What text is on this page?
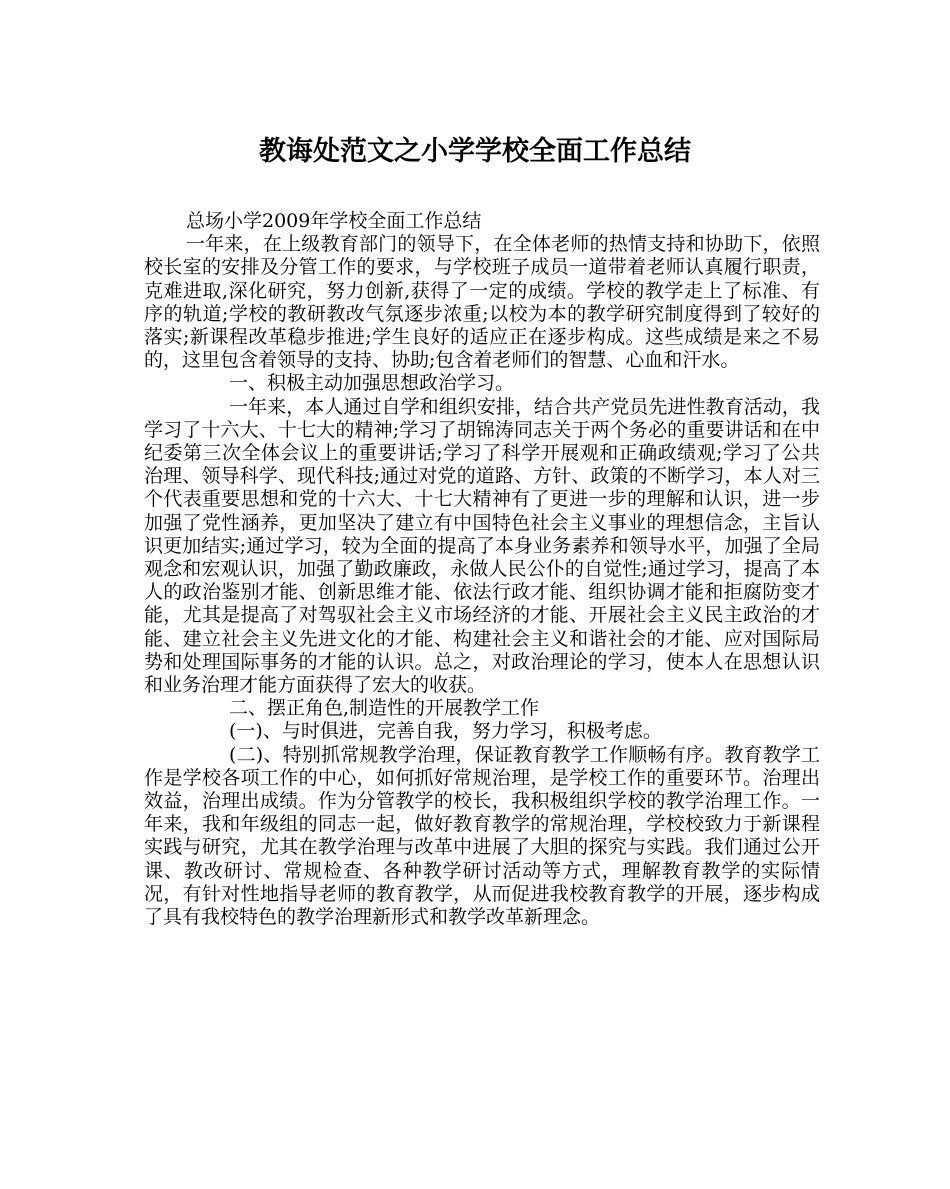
教诲处范文之小学学校全面工作总结

总场小学2009年学校全面工作总结

一年来，在上级教育部门的领导下，在全体老师的热情支持和协助下，依照校长室的安排及分管工作的要求，与学校班子成员一道带着老师认真履行职责，克难进取,深化研究，努力创新,获得了一定的成绩。学校的教学走上了标准、有序的轨道;学校的教研教改气氛逐步浓重;以校为本的教学研究制度得到了较好的落实;新课程改革稳步推进;学生良好的适应正在逐步构成。这些成绩是来之不易的，这里包含着领导的支持、协助;包含着老师们的智慧、心血和汗水。

一、积极主动加强思想政治学习。

一年来，本人通过自学和组织安排，结合共产党员先进性教育活动，我学习了十六大、十七大的精神;学习了胡锦涛同志关于两个务必的重要讲话和在中纪委第三次全体会议上的重要讲话;学习了科学开展观和正确政绩观;学习了公共治理、领导科学、现代科技;通过对党的道路、方针、政策的不断学习，本人对三个代表重要思想和党的十六大、十七大精神有了更进一步的理解和认识，进一步加强了党性涵养，更加坚决了建立有中国特色社会主义事业的理想信念，主旨认识更加结实;通过学习，较为全面的提高了本身业务素养和领导水平，加强了全局观念和宏观认识，加强了勤政廉政，永做人民公仆的自觉性;通过学习，提高了本人的政治鉴别才能、创新思维才能、依法行政才能、组织协调才能和拒腐防变才能，尤其是提高了对驾驭社会主义市场经济的才能、开展社会主义民主政治的才能、建立社会主义先进文化的才能、构建社会主义和谐社会的才能、应对国际局势和处理国际事务的才能的认识。总之，对政治理论的学习，使本人在思想认识和业务治理才能方面获得了宏大的收获。

二、摆正角色,制造性的开展教学工作

(一)、与时俱进，完善自我，努力学习，积极考虑。

(二)、特别抓常规教学治理，保证教育教学工作顺畅有序。教育教学工作是学校各项工作的中心，如何抓好常规治理，是学校工作的重要环节。治理出效益，治理出成绩。作为分管教学的校长，我积极组织学校的教学治理工作。一年来，我和年级组的同志一起，做好教育教学的常规治理，学校校致力于新课程实践与研究，尤其在教学治理与改革中进展了大胆的探究与实践。我们通过公开课、教改研讨、常规检查、各种教学研讨活动等方式，理解教育教学的实际情况，有针对性地指导老师的教育教学，从而促进我校教育教学的开展，逐步构成了具有我校特色的教学治理新形式和教学改革新理念。
